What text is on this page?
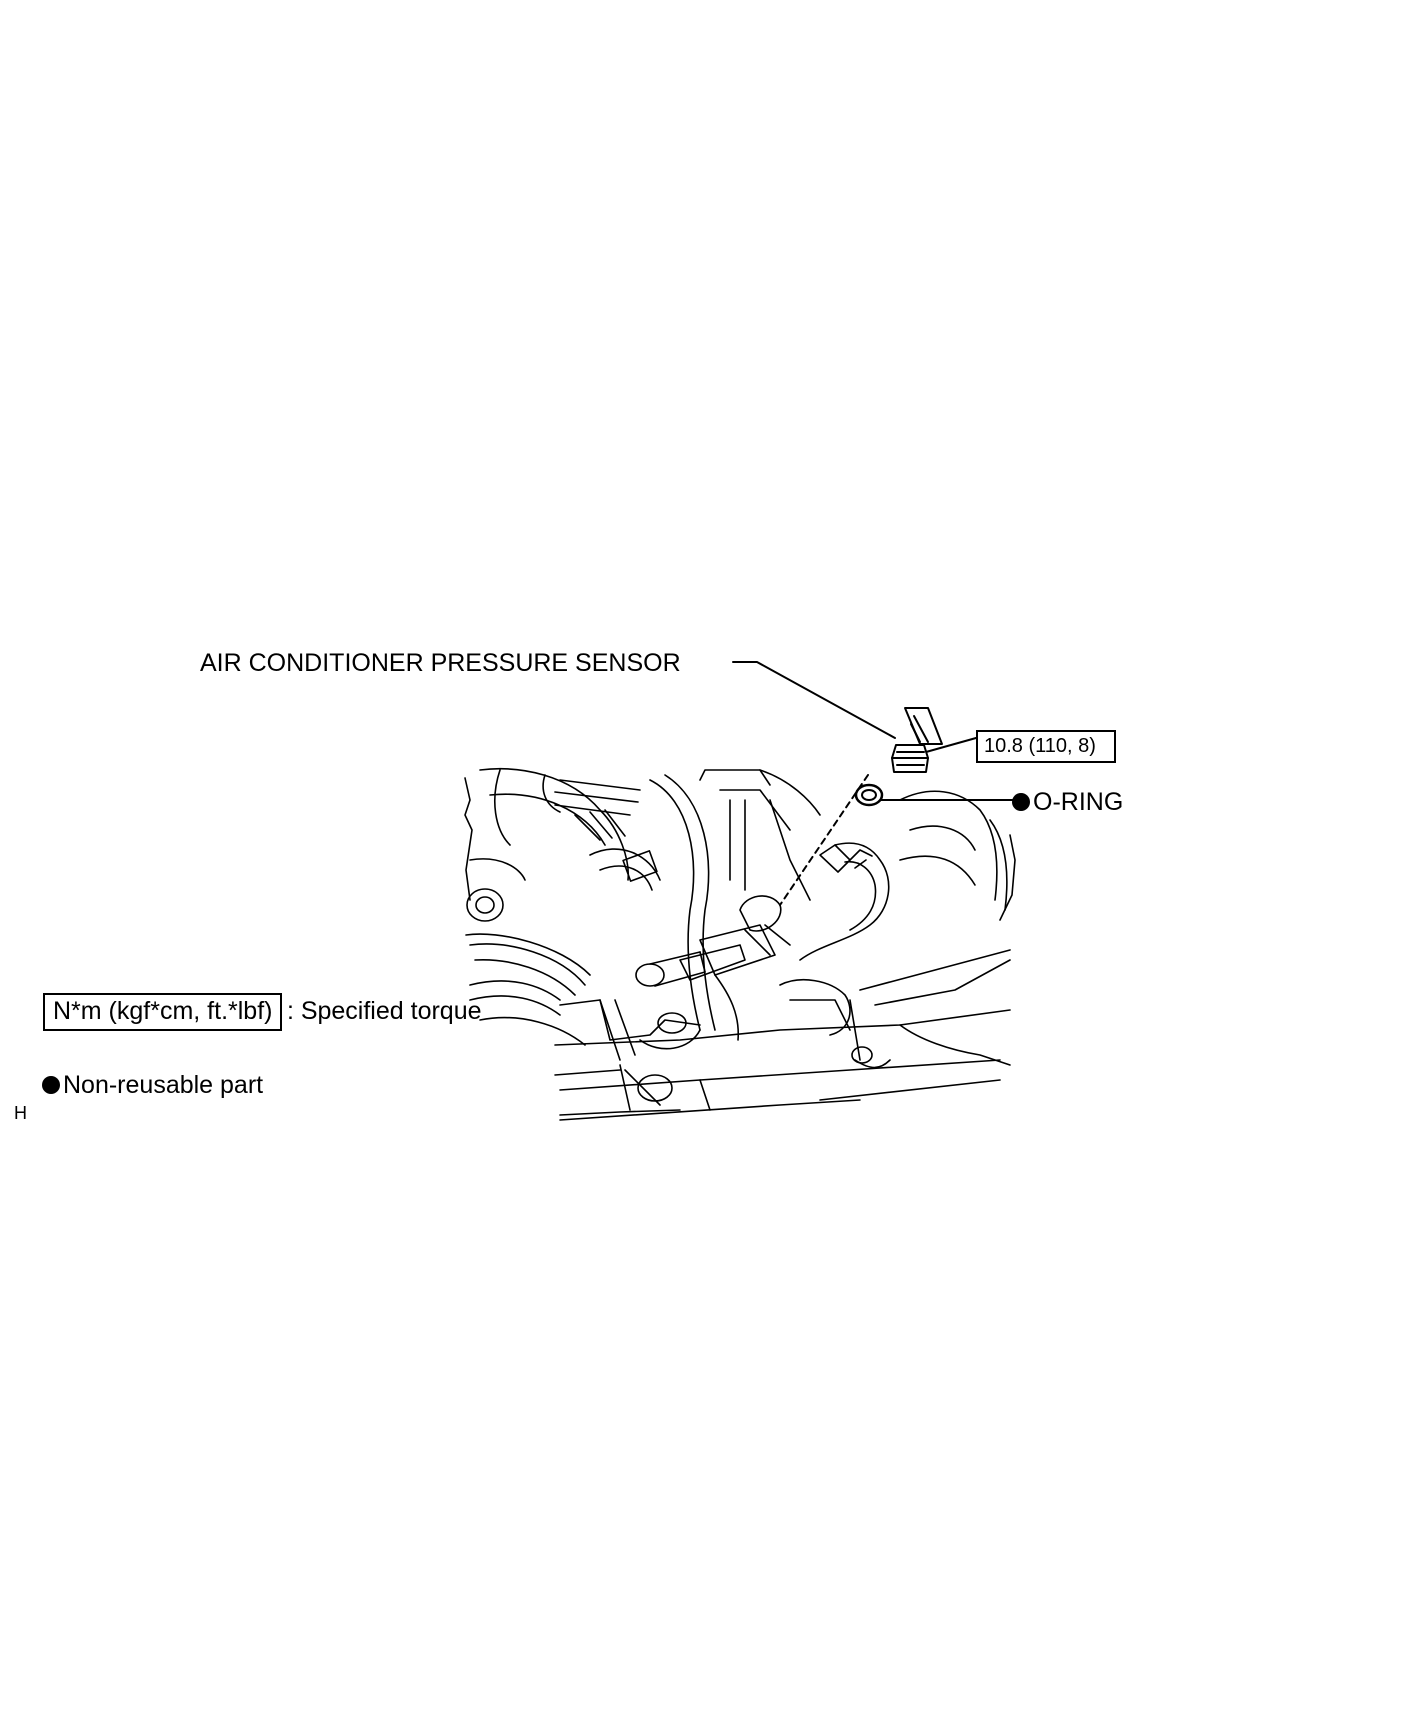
AIR CONDITIONER PRESSURE SENSOR
10.8 (110, 8)
O-RING
N*m (kgf*cm, ft.*lbf) : Specified torque
Non-reusable part
H
